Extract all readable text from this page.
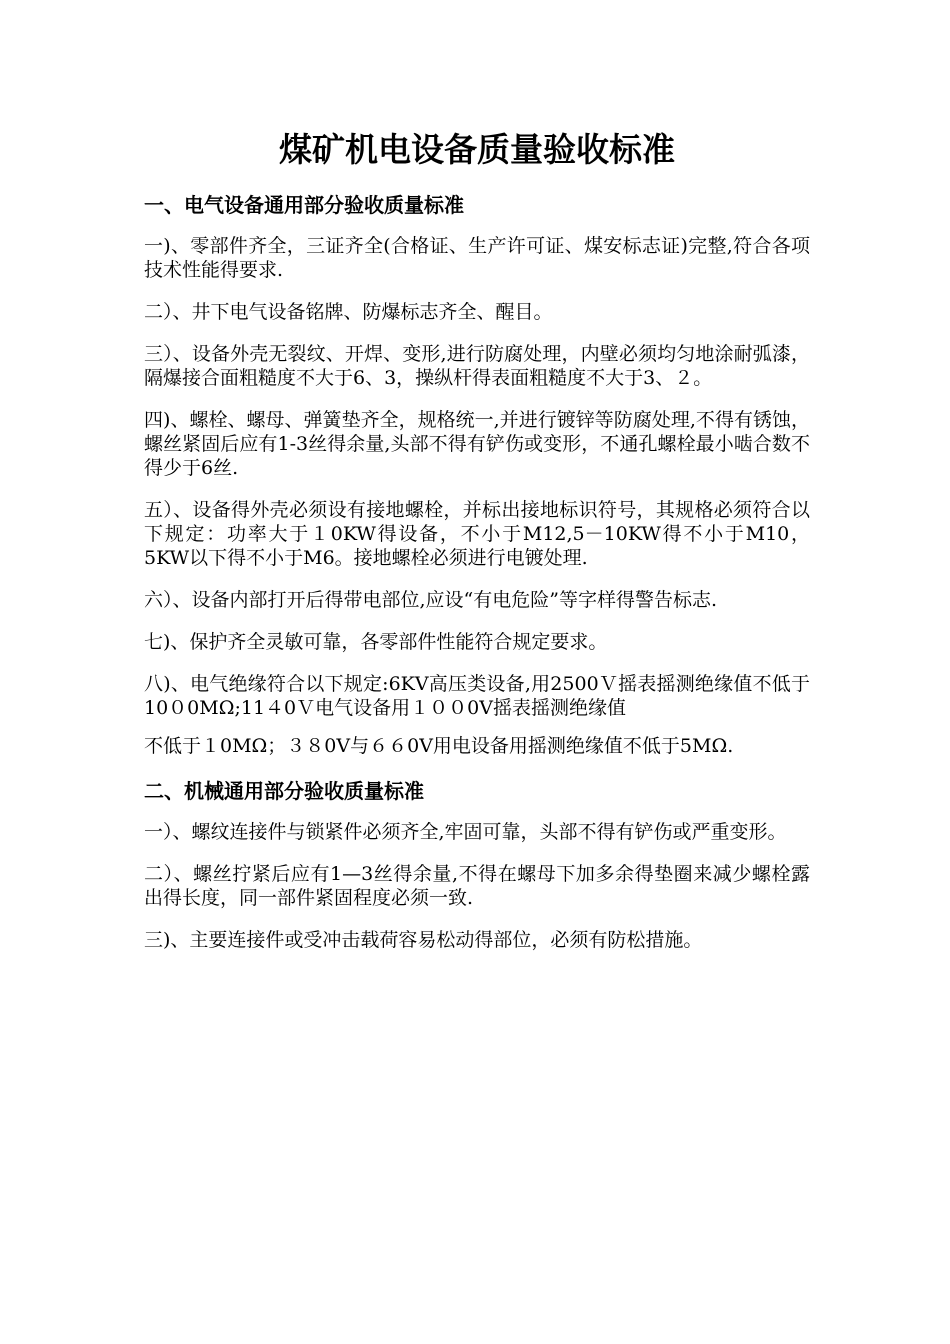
煤矿机电设备质量验收标准
一、电气设备通用部分验收质量标准

一)、零部件齐全，三证齐全(合格证、生产许可证、煤安标志证)完整,符合各项技术性能得要求.

二）、井下电气设备铭牌、防爆标志齐全、醒目。

三）、设备外壳无裂纹、开焊、变形,进行防腐处理，内壁必须均匀地涂耐弧漆，隔爆接合面粗糙度不大于6、3，操纵杆得表面粗糙度不大于3、２。

四)、螺栓、螺母、弹簧垫齐全，规格统一,并进行镀锌等防腐处理,不得有锈蚀，螺丝紧固后应有1-3丝得余量,头部不得有铲伤或变形，不通孔螺栓最小啮合数不得少于6丝.

五）、设备得外壳必须设有接地螺栓，并标出接地标识符号，其规格必须符合以下规定：功率大于１0KW得设备，不小于M12,5－10KW得不小于M10，5KW以下得不小于M6。接地螺栓必须进行电镀处理.

六）、设备内部打开后得带电部位,应设“有电危险”等字样得警告标志.

七)、保护齐全灵敏可靠，各零部件性能符合规定要求。

八)、电气绝缘符合以下规定:6KV高压类设备,用2500Ｖ摇表摇测绝缘值不低于10０0MΩ;11４0Ｖ电气设备用１００0V摇表摇测绝缘值

不低于１0MΩ；３８0V与６６0V用电设备用摇测绝缘值不低于5MΩ.

二、机械通用部分验收质量标准

一）、螺纹连接件与锁紧件必须齐全,牢固可靠，头部不得有铲伤或严重变形。

二）、螺丝拧紧后应有1—3丝得余量,不得在螺母下加多余得垫圈来减少螺栓露出得长度，同一部件紧固程度必须一致.

三)、主要连接件或受冲击载荷容易松动得部位，必须有防松措施。
